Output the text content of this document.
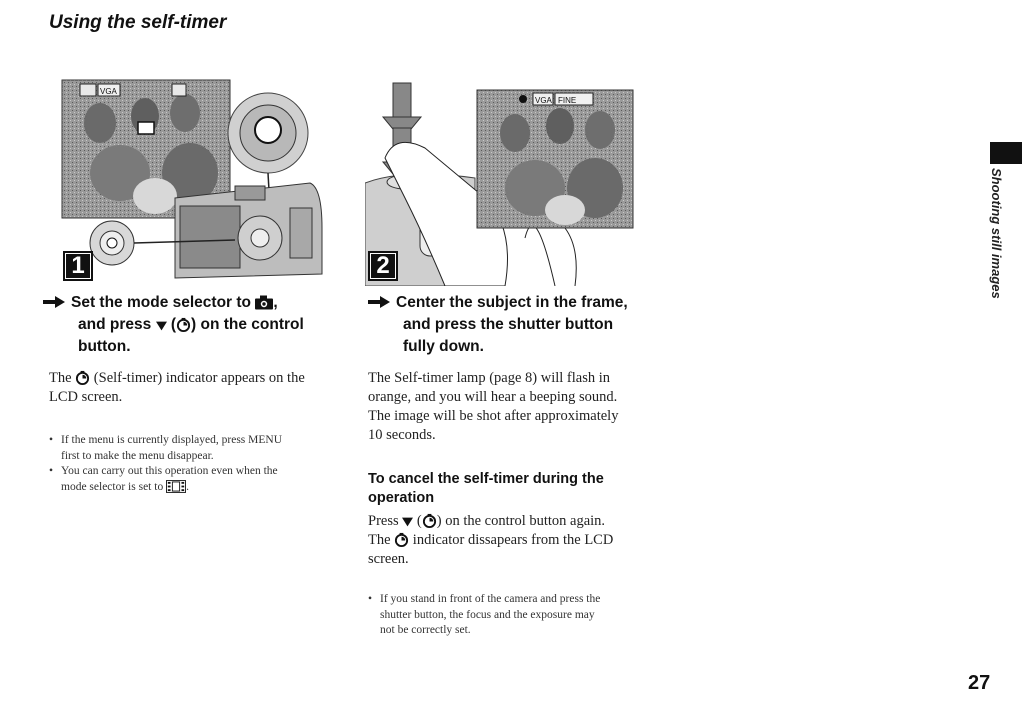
Using the self-timer
VGA
1
VGA FINE
2
Set the mode selector to ,
and press  ( ) on the control
button.
The (Self-timer) indicator appears on the
LCD screen.
• If the menu is currently displayed, press MENU
first to make the menu disappear.
• You can carry out this operation even when the
mode selector is set to .
Center the subject in the frame,
and press the shutter button
fully down.
The Self-timer lamp (page 8) will flash in
orange, and you will hear a beeping sound.
The image will be shot after approximately
10 seconds.
To cancel the self-timer during the
operation
Press  ( ) on the control button again.
The indicator dissapears from the LCD
screen.
• If you stand in front of the camera and press the
shutter button, the focus and the exposure may
not be correctly set.
Shooting still images
27
